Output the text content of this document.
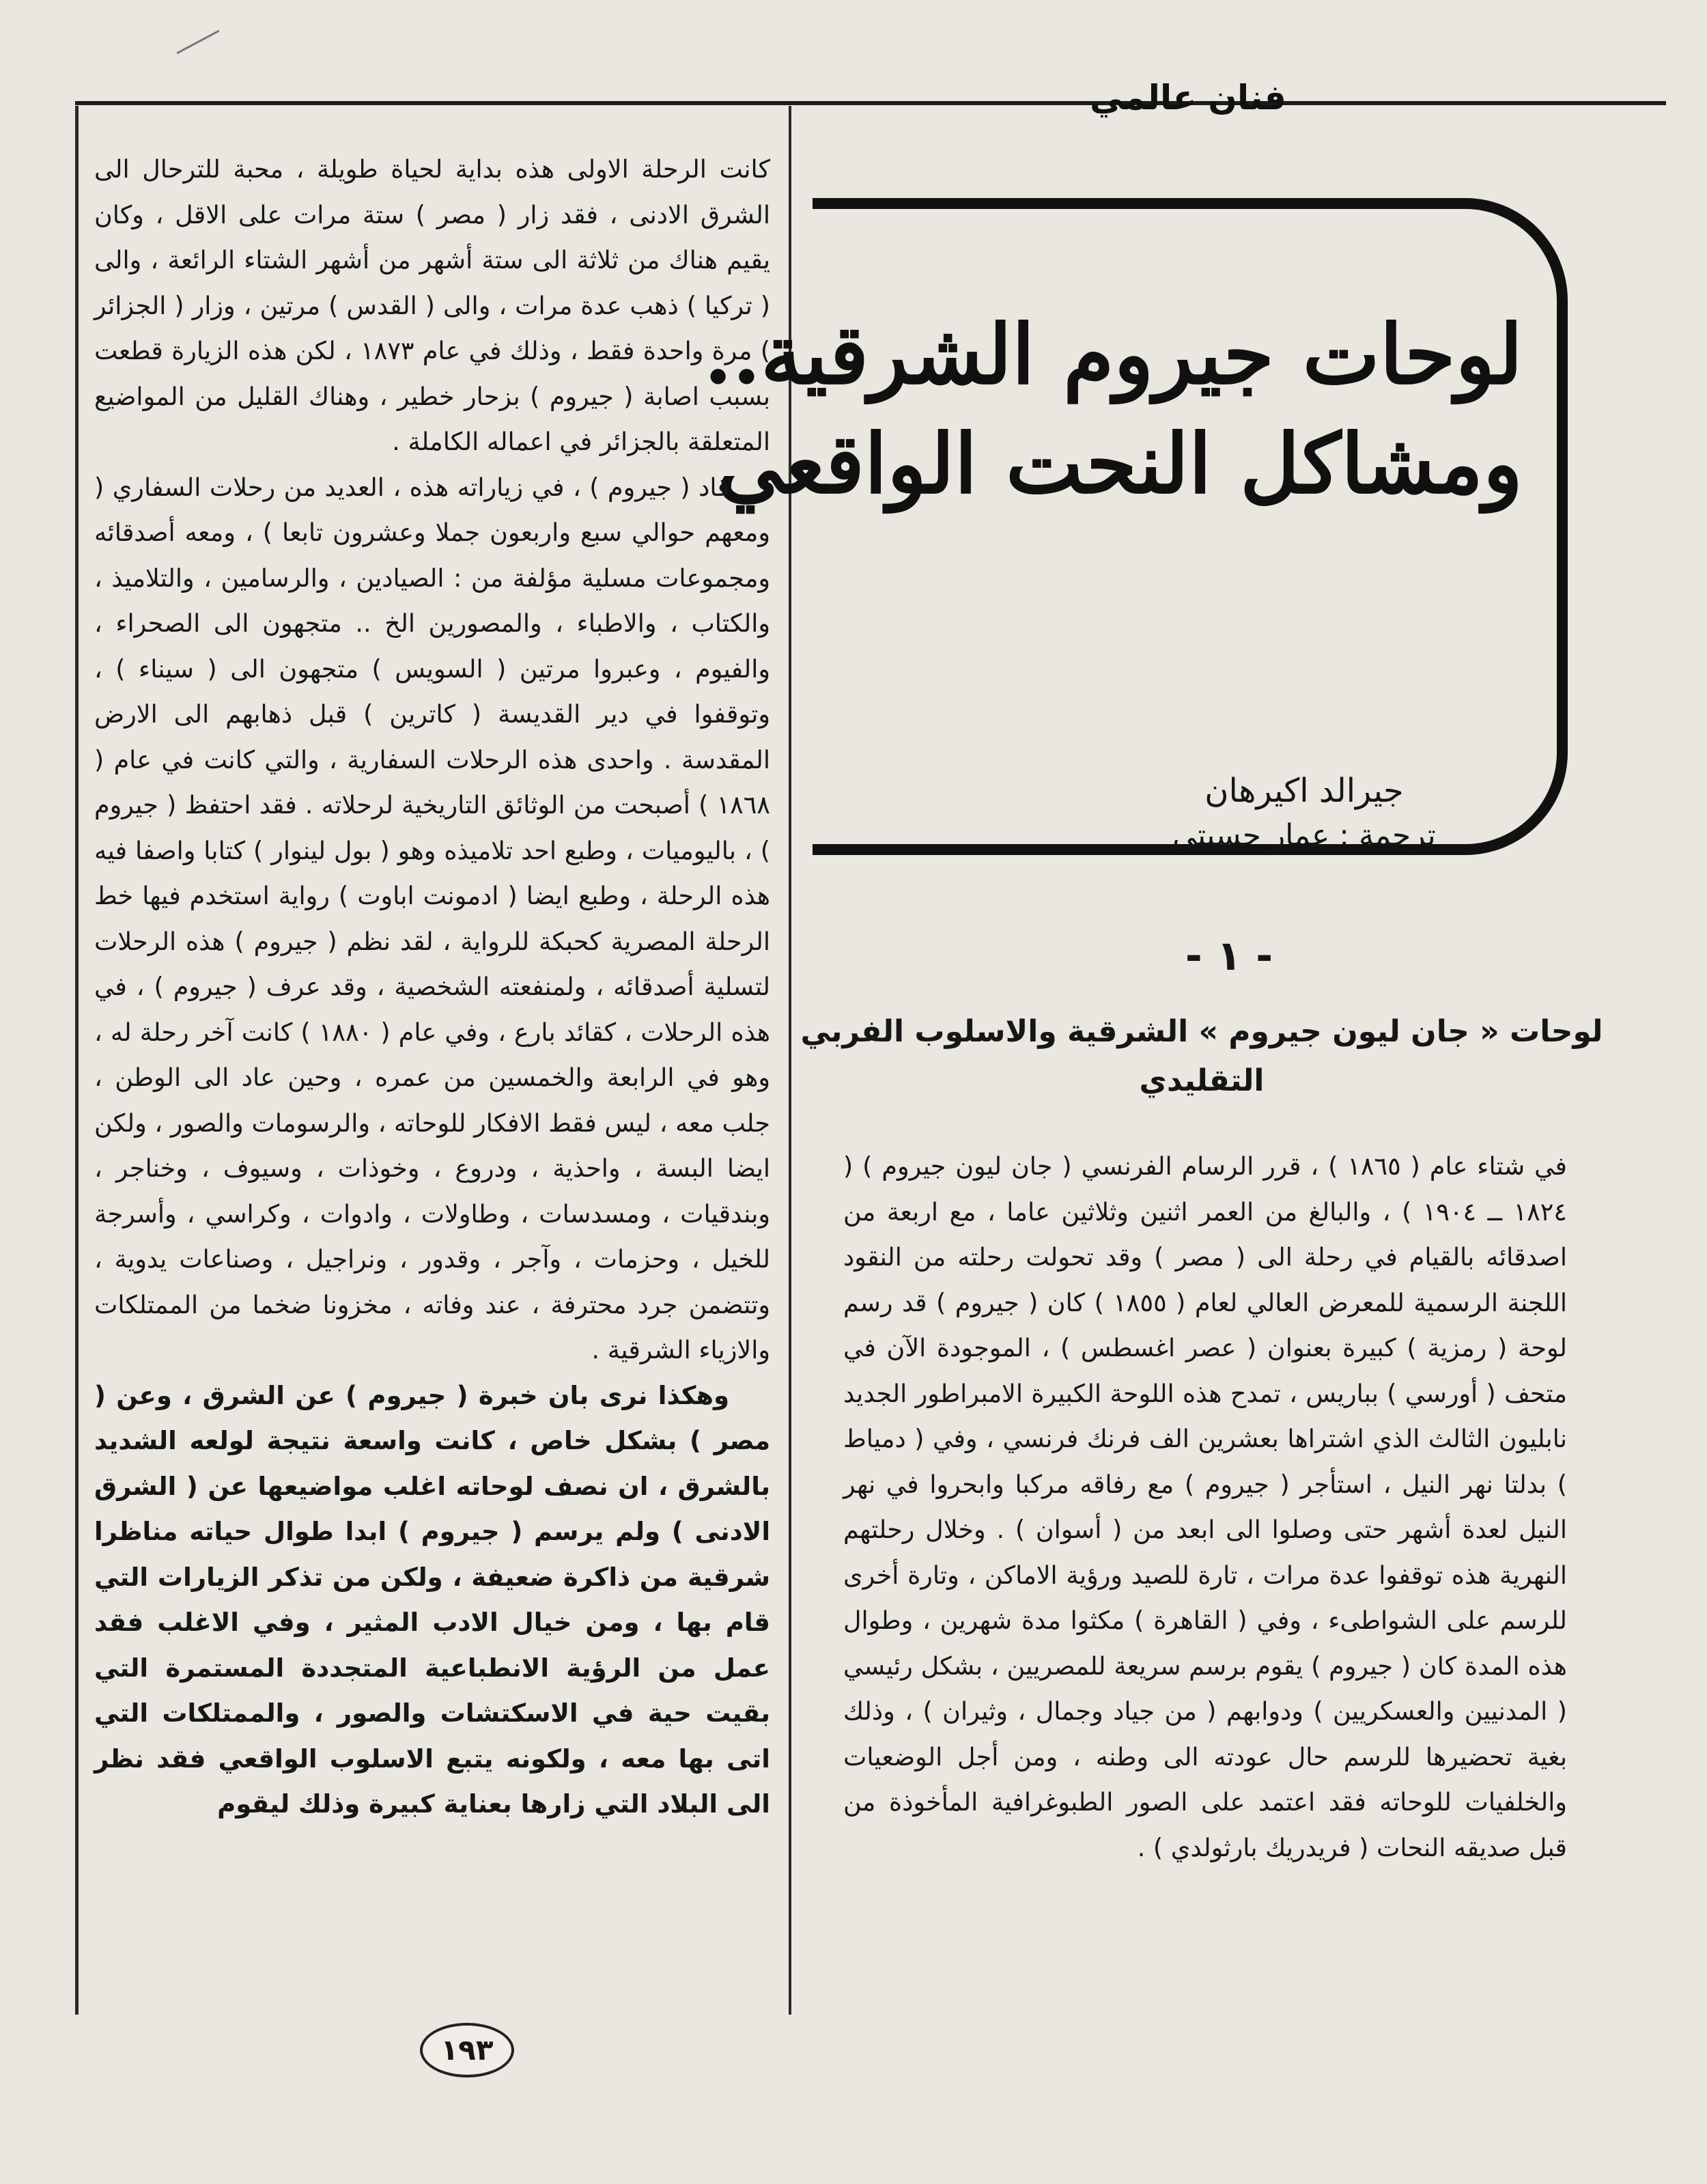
فنان عالمي
لوحات جيروم الشرقية..
ومشاكل النحت الواقعي
جيرالد اكيرهان
ترجمة : عمار حسيتي
- ١ -
لوحات « جان ليون جيروم » الشرقية والاسلوب الفربي التقليدي

في شتاء عام ( ١٨٦٥ ) ، قرر الرسام الفرنسي ( جان ليون جيروم ) ( ١٨٢٤ ــ ١٩٠٤ ) ، والبالغ من العمر اثنين وثلاثين عاما ، مع اربعة من اصدقائه بالقيام في رحلة الى ( مصر ) وقد تحولت رحلته من النقود اللجنة الرسمية للمعرض العالي لعام ( ١٨٥٥ ) كان ( جيروم ) قد رسم لوحة ( رمزية ) كبيرة بعنوان ( عصر اغسطس ) ، الموجودة الآن في متحف ( أورسي ) بباريس ، تمدح هذه اللوحة الكبيرة الامبراطور الجديد نابليون الثالث الذي اشتراها بعشرين الف فرنك فرنسي ، وفي ( دمياط ) بدلتا نهر النيل ، استأجر ( جيروم ) مع رفاقه مركبا وابحروا في نهر النيل لعدة أشهر حتى وصلوا الى ابعد من ( أسوان ) . وخلال رحلتهم النهرية هذه توقفوا عدة مرات ، تارة للصيد ورؤية الاماكن ، وتارة أخرى للرسم على الشواطىء ، وفي ( القاهرة ) مكثوا مدة شهرين ، وطوال هذه المدة كان ( جيروم ) يقوم برسم سريعة للمصريين ، بشكل رئيسي ( المدنيين والعسكريين ) ودوابهم ( من جياد وجمال ، وثيران ) ، وذلك بغية تحضيرها للرسم حال عودته الى وطنه ، ومن أجل الوضعيات والخلفيات للوحاته فقد اعتمد على الصور الطبوغرافية المأخوذة من قبل صديقه النحات ( فريدريك بارثولدي ) .

كانت الرحلة الاولى هذه بداية لحياة طويلة ، محبة للترحال الى الشرق الادنى ، فقد زار ( مصر ) ستة مرات على الاقل ، وكان يقيم هناك من ثلاثة الى ستة أشهر من أشهر الشتاء الرائعة ، والى ( تركيا ) ذهب عدة مرات ، والى ( القدس ) مرتين ، وزار ( الجزائر ) مرة واحدة فقط ، وذلك في عام ١٨٧٣ ، لكن هذه الزيارة قطعت بسبب اصابة ( جيروم ) بزحار خطير ، وهناك القليل من المواضيع المتعلقة بالجزائر في اعماله الكاملة .

قاد ( جيروم ) ، في زياراته هذه ، العديد من رحلات السفاري ( ومعهم حوالي سبع واربعون جملا وعشرون تابعا ) ، ومعه أصدقائه ومجموعات مسلية مؤلفة من : الصيادين ، والرسامين ، والتلاميذ ، والكتاب ، والاطباء ، والمصورين الخ .. متجهون الى الصحراء ، والفيوم ، وعبروا مرتين ( السويس ) متجهون الى ( سيناء ) ، وتوقفوا في دير القديسة ( كاترين ) قبل ذهابهم الى الارض المقدسة . واحدى هذه الرحلات السفارية ، والتي كانت في عام ( ١٨٦٨ ) أصبحت من الوثائق التاريخية لرحلاته . فقد احتفظ ( جيروم ) ، باليوميات ، وطبع احد تلاميذه وهو ( بول لينوار ) كتابا واصفا فيه هذه الرحلة ، وطبع ايضا ( ادمونت اباوت ) رواية استخدم فيها خط الرحلة المصرية كحبكة للرواية ، لقد نظم ( جيروم ) هذه الرحلات لتسلية أصدقائه ، ولمنفعته الشخصية ، وقد عرف ( جيروم ) ، في هذه الرحلات ، كقائد بارع ، وفي عام ( ١٨٨٠ ) كانت آخر رحلة له ، وهو في الرابعة والخمسين من عمره ، وحين عاد الى الوطن ، جلب معه ، ليس فقط الافكار للوحاته ، والرسومات والصور ، ولكن ايضا البسة ، واحذية ، ودروع ، وخوذات ، وسيوف ، وخناجر ، وبندقيات ، ومسدسات ، وطاولات ، وادوات ، وكراسي ، وأسرجة للخيل ، وحزمات ، وآجر ، وقدور ، ونراجيل ، وصناعات يدوية ، وتتضمن جرد محترفة ، عند وفاته ، مخزونا ضخما من الممتلكات والازياء الشرقية .

وهكذا نرى بان خبرة ( جيروم ) عن الشرق ، وعن ( مصر ) بشكل خاص ، كانت واسعة نتيجة لولعه الشديد بالشرق ، ان نصف لوحاته اغلب مواضيعها عن ( الشرق الادنى ) ولم يرسم ( جيروم ) ابدا طوال حياته مناظرا شرقية من ذاكرة ضعيفة ، ولكن من تذكر الزيارات التي قام بها ، ومن خيال الادب المثير ، وفي الاغلب فقد عمل من الرؤية الانطباعية المتجددة المستمرة التي بقيت حية في الاسكتشات والصور ، والممتلكات التي اتى بها معه ، ولكونه يتبع الاسلوب الواقعي فقد نظر الى البلاد التي زارها بعناية كبيرة وذلك ليقوم

١٩٣
